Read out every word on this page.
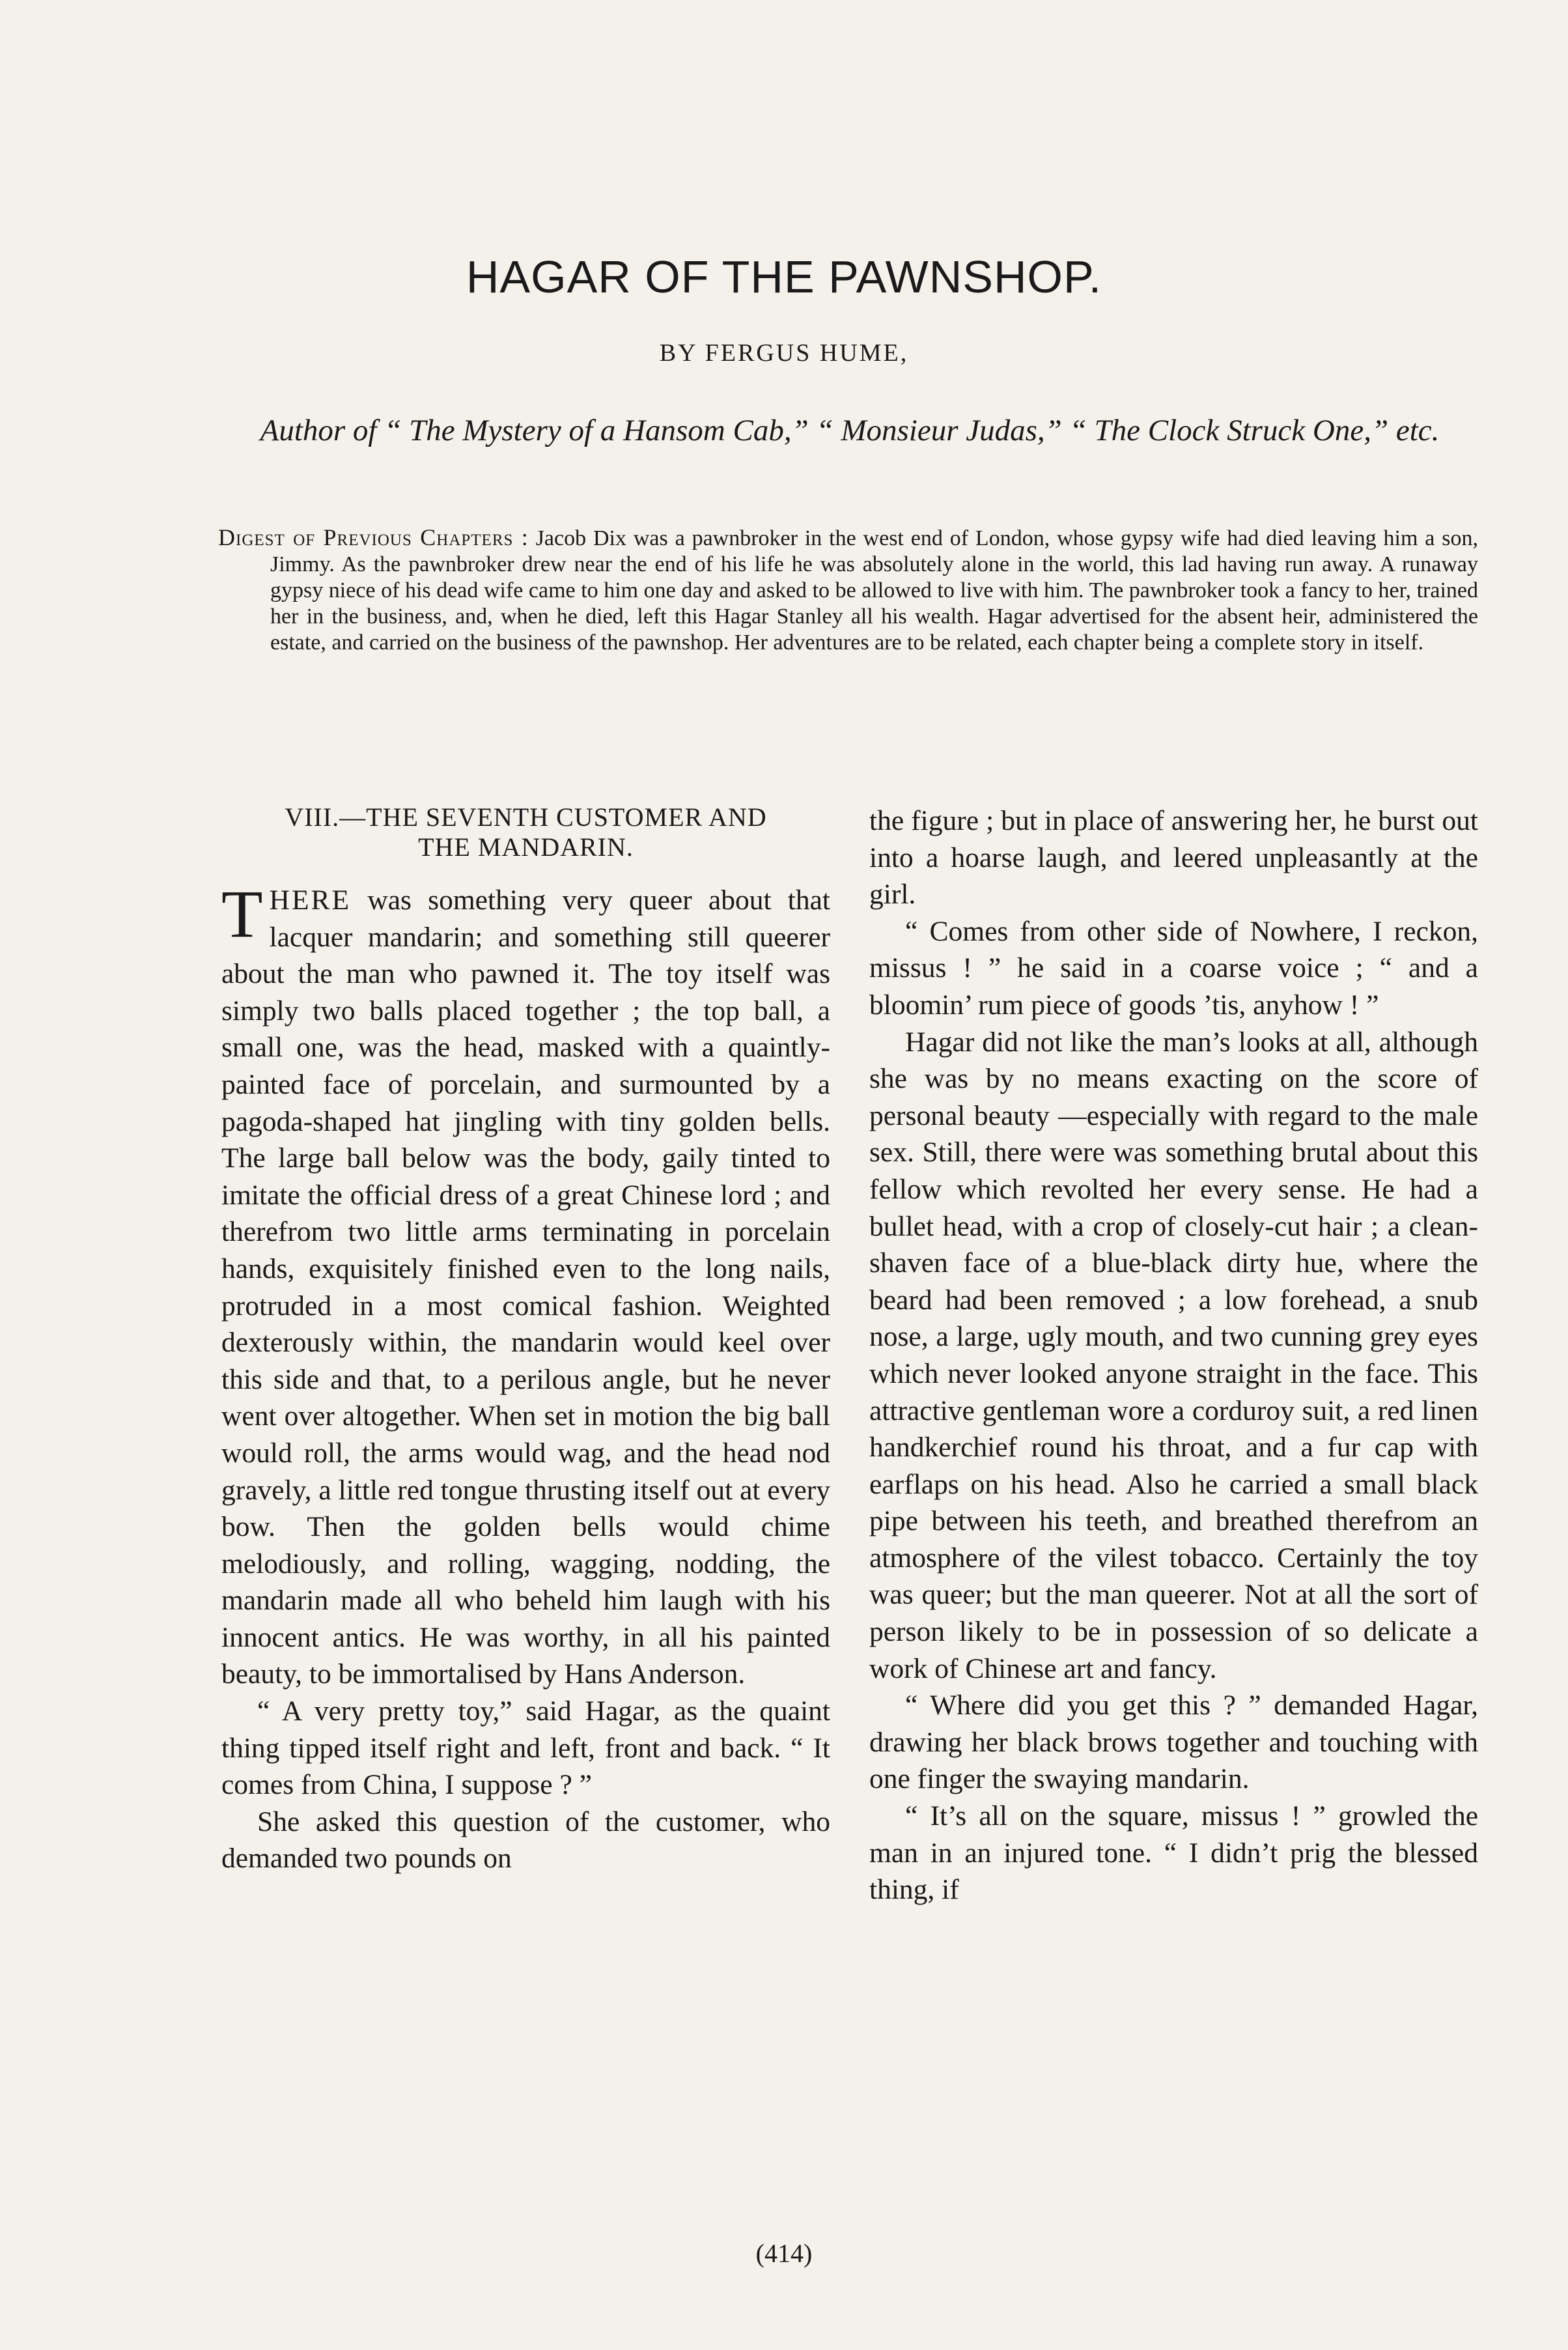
HAGAR OF THE PAWNSHOP.
BY FERGUS HUME,
Author of “ The Mystery of a Hansom Cab,” “ Monsieur Judas,” “ The Clock Struck One,” etc.

Digest of Previous Chapters : Jacob Dix was a pawnbroker in the west end of London, whose gypsy wife had died leaving him a son, Jimmy. As the pawnbroker drew near the end of his life he was absolutely alone in the world, this lad having run away. A runaway gypsy niece of his dead wife came to him one day and asked to be allowed to live with him. The pawnbroker took a fancy to her, trained her in the business, and, when he died, left this Hagar Stanley all his wealth. Hagar advertised for the absent heir, administered the estate, and carried on the business of the pawnshop. Her adventures are to be related, each chapter being a complete story in itself.

VIII.—THE SEVENTH CUSTOMER AND
THE MANDARIN.

THERE was something very queer about that lacquer mandarin; and something still queerer about the man who pawned it. The toy itself was simply two balls placed together ; the top ball, a small one, was the head, masked with a quaintly-painted face of porcelain, and surmounted by a pagoda-shaped hat jingling with tiny golden bells. The large ball below was the body, gaily tinted to imitate the official dress of a great Chinese lord ; and therefrom two little arms terminating in porcelain hands, exquisitely finished even to the long nails, protruded in a most comical fashion. Weighted dexterously within, the mandarin would keel over this side and that, to a perilous angle, but he never went over altogether. When set in motion the big ball would roll, the arms would wag, and the head nod gravely, a little red tongue thrusting itself out at every bow. Then the golden bells would chime melodiously, and rolling, wagging, nodding, the mandarin made all who beheld him laugh with his innocent antics. He was worthy, in all his painted beauty, to be immortalised by Hans Anderson.

“ A very pretty toy,” said Hagar, as the quaint thing tipped itself right and left, front and back. “ It comes from China, I suppose ? ”

She asked this question of the customer, who demanded two pounds on

the figure ; but in place of answering her, he burst out into a hoarse laugh, and leered unpleasantly at the girl.

“ Comes from other side of Nowhere, I reckon, missus ! ” he said in a coarse voice ; “ and a bloomin’ rum piece of goods ’tis, anyhow ! ”

Hagar did not like the man’s looks at all, although she was by no means exacting on the score of personal beauty —especially with regard to the male sex. Still, there were was something brutal about this fellow which revolted her every sense. He had a bullet head, with a crop of closely-cut hair ; a clean-shaven face of a blue-black dirty hue, where the beard had been removed ; a low forehead, a snub nose, a large, ugly mouth, and two cunning grey eyes which never looked anyone straight in the face. This attractive gentleman wore a corduroy suit, a red linen handkerchief round his throat, and a fur cap with earflaps on his head. Also he carried a small black pipe between his teeth, and breathed therefrom an atmosphere of the vilest tobacco. Certainly the toy was queer; but the man queerer. Not at all the sort of person likely to be in possession of so delicate a work of Chinese art and fancy.

“ Where did you get this ? ” demanded Hagar, drawing her black brows together and touching with one finger the swaying mandarin.

“ It’s all on the square, missus ! ” growled the man in an injured tone. “ I didn’t prig the blessed thing, if

(414)
